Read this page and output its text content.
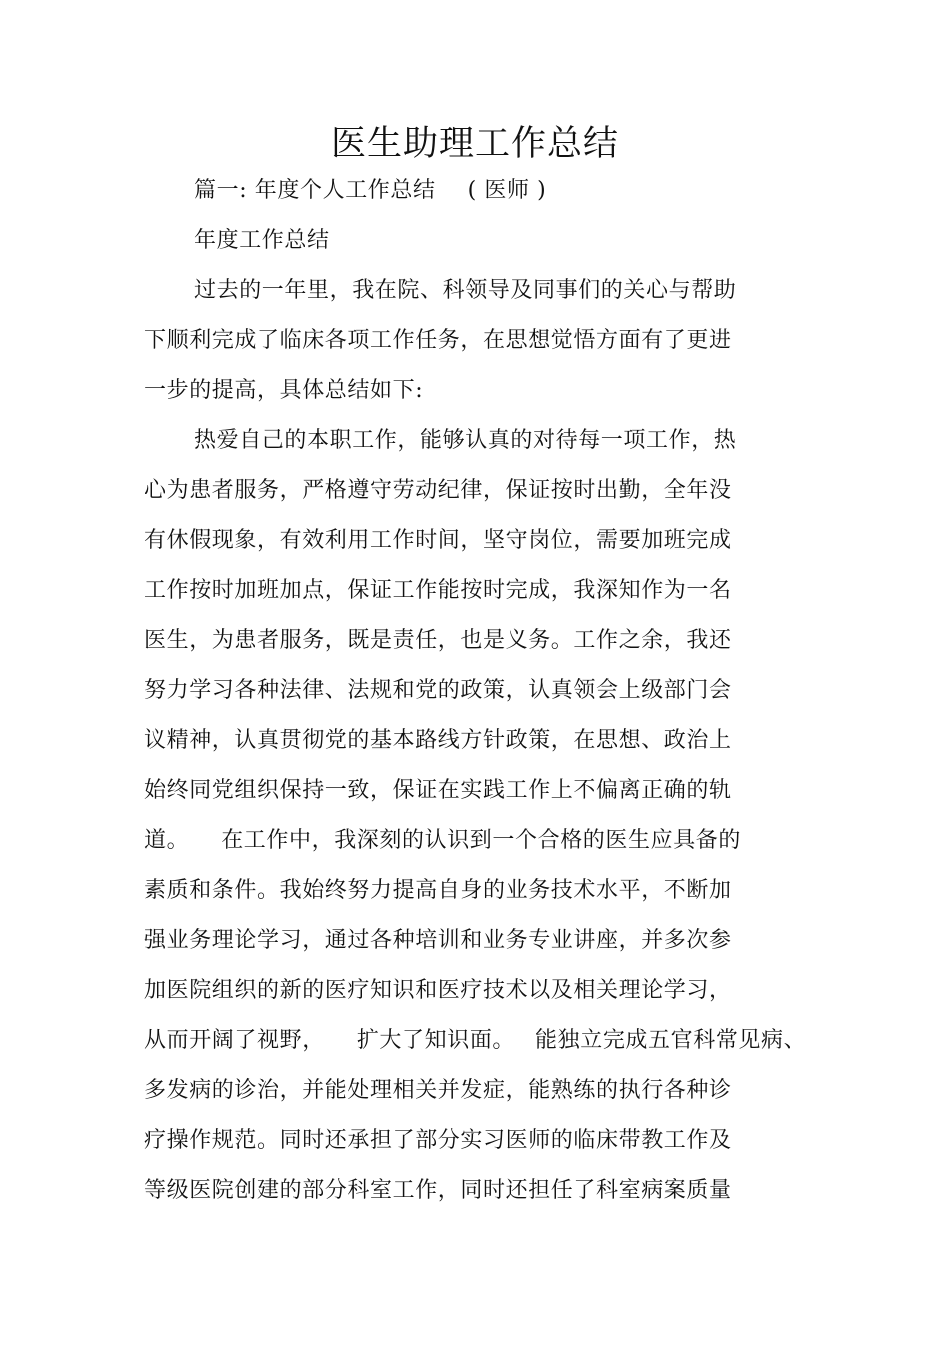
医生助理工作总结
篇一: 年度个人工作总结 ( 医师 )
年度工作总结
过去的一年里，我在院、科领导及同事们的关心与帮助
下顺利完成了临床各项工作任务，在思想觉悟方面有了更进
一步的提高，具体总结如下:
热爱自己的本职工作，能够认真的对待每一项工作，热
心为患者服务，严格遵守劳动纪律，保证按时出勤，全年没
有休假现象，有效利用工作时间，坚守岗位，需要加班完成
工作按时加班加点，保证工作能按时完成，我深知作为一名
医生，为患者服务，既是责任，也是义务。工作之余，我还
努力学习各种法律、法规和党的政策，认真领会上级部门会
议精神，认真贯彻党的基本路线方针政策，在思想、政治上
始终同党组织保持一致，保证在实践工作上不偏离正确的轨
道。 在工作中，我深刻的认识到一个合格的医生应具备的
素质和条件。我始终努力提高自身的业务技术水平，不断加
强业务理论学习，通过各种培训和业务专业讲座，并多次参
加医院组织的新的医疗知识和医疗技术以及相关理论学习，
从而开阔了视野， 扩大了知识面。 能独立完成五官科常见病、
多发病的诊治，并能处理相关并发症，能熟练的执行各种诊
疗操作规范。同时还承担了部分实习医师的临床带教工作及
等级医院创建的部分科室工作，同时还担任了科室病案质量
